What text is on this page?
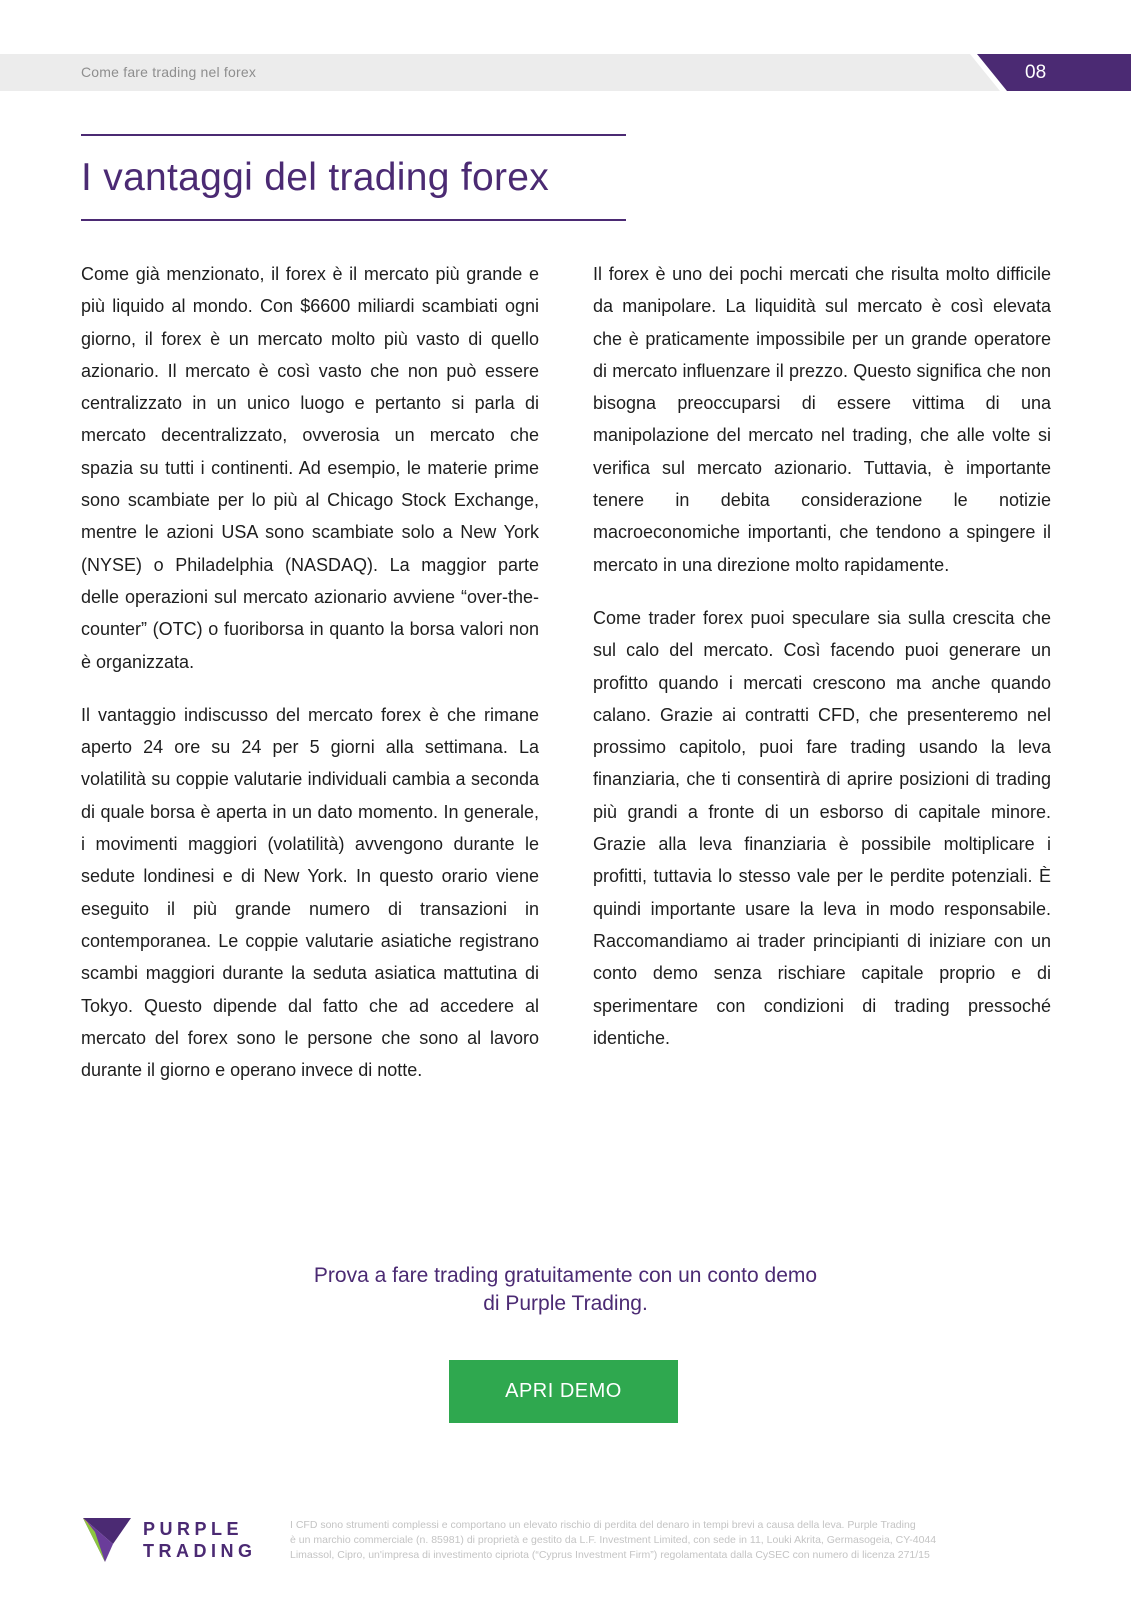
Come fare trading nel forex	08
I vantaggi del trading forex

Come già menzionato, il forex è il mercato più grande e più liquido al mondo. Con $6600 miliardi scambiati ogni giorno, il forex è un mercato molto più vasto di quello azionario. Il mercato è così vasto che non può essere centralizzato in un unico luogo e pertanto si parla di mercato decentralizzato, ovverosia un mercato che spazia su tutti i continenti. Ad esempio, le materie prime sono scambiate per lo più al Chicago Stock Exchange, mentre le azioni USA sono scambiate solo a New York (NYSE) o Philadelphia (NASDAQ). La maggior parte delle operazioni sul mercato azionario avviene “over-the-counter” (OTC) o fuoriborsa in quanto la borsa valori non è organizzata.

Il vantaggio indiscusso del mercato forex è che rimane aperto 24 ore su 24 per 5 giorni alla settimana. La volatilità su coppie valutarie individuali cambia a seconda di quale borsa è aperta in un dato momento. In generale, i movimenti maggiori (volatilità) avvengono durante le sedute londinesi e di New York. In questo orario viene eseguito il più grande numero di transazioni in contemporanea. Le coppie valutarie asiatiche registrano scambi maggiori durante la seduta asiatica mattutina di Tokyo. Questo dipende dal fatto che ad accedere al mercato del forex sono le persone che sono al lavoro durante il giorno e operano invece di notte.

Il forex è uno dei pochi mercati che risulta molto difficile da manipolare. La liquidità sul mercato è così elevata che è praticamente impossibile per un grande operatore di mercato influenzare il prezzo. Questo significa che non bisogna preoccuparsi di essere vittima di una manipolazione del mercato nel trading, che alle volte si verifica sul mercato azionario. Tuttavia, è importante tenere in debita considerazione le notizie macroeconomiche importanti, che tendono a spingere il mercato in una direzione molto rapidamente.

Come trader forex puoi speculare sia sulla crescita che sul calo del mercato. Così facendo puoi generare un profitto quando i mercati crescono ma anche quando calano. Grazie ai contratti CFD, che presenteremo nel prossimo capitolo, puoi fare trading usando la leva finanziaria, che ti consentirà di aprire posizioni di trading più grandi a fronte di un esborso di capitale minore. Grazie alla leva finanziaria è possibile moltiplicare i profitti, tuttavia lo stesso vale per le perdite potenziali. È quindi importante usare la leva in modo responsabile. Raccomandiamo ai trader principianti di iniziare con un conto demo senza rischiare capitale proprio e di sperimentare con condizioni di trading pressoché identiche.

Prova a fare trading gratuitamente con un conto demo
di Purple Trading.
APRI DEMO
PURPLE
TRADING
I CFD sono strumenti complessi e comportano un elevato rischio di perdita del denaro in tempi brevi a causa della leva. Purple Trading
è un marchio commerciale (n. 85981) di proprietà e gestito da L.F. Investment Limited, con sede in 11, Louki Akrita, Germasogeia, CY-4044
Limassol, Cipro, un'impresa di investimento cipriota (“Cyprus Investment Firm”) regolamentata dalla CySEC con numero di licenza 271/15
